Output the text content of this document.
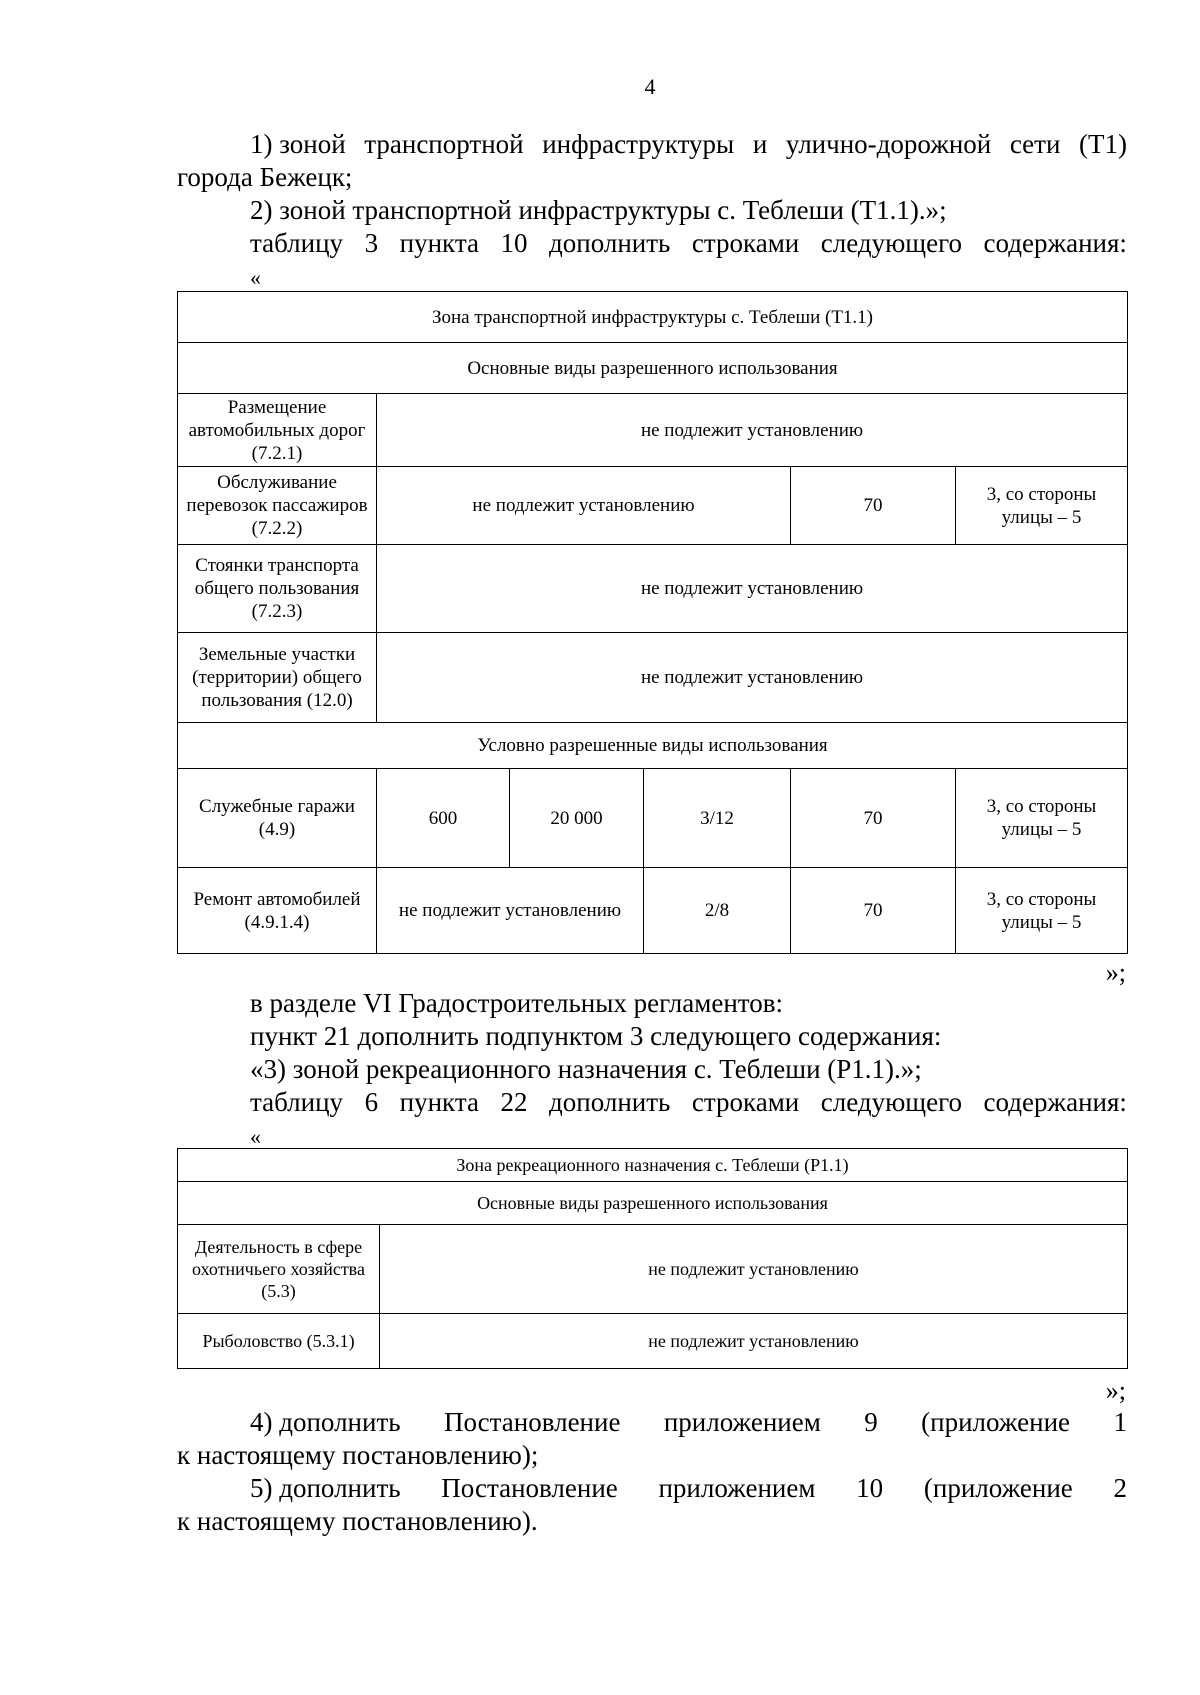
4
1) зоной транспортной инфраструктуры и улично-дорожной сети (Т1)
города Бежецк;
2) зоной транспортной инфраструктуры с. Теблеши (Т1.1).»;
таблицу 3 пункта 10 дополнить строками следующего содержания:
«
Зона транспортной инфраструктуры с. Теблеши (Т1.1)					
Основные виды разрешенного использования					
Размещение автомобильных дорог (7.2.1)	не подлежит установлению				
Обслуживание перевозок пассажиров (7.2.2)	не подлежит установлению			70	3, со стороны улицы – 5
Стоянки транспорта общего пользования (7.2.3)	не подлежит установлению				
Земельные участки (территории) общего пользования (12.0)	не подлежит установлению				
Условно разрешенные виды использования					
Служебные гаражи (4.9)	600	20 000	3/12	70	3, со стороны улицы – 5
Ремонт автомобилей (4.9.1.4)	не подлежит установлению		2/8	70	3, со стороны улицы – 5
»;
в разделе VI Градостроительных регламентов:
пункт 21 дополнить подпунктом 3 следующего содержания:
«3) зоной рекреационного назначения с. Теблеши (Р1.1).»;
таблицу 6 пункта 22 дополнить строками следующего содержания:
«
Зона рекреационного назначения с. Теблеши (Р1.1)	
Основные виды разрешенного использования	
Деятельность в сфере охотничьего хозяйства (5.3)	не подлежит установлению
Рыболовство (5.3.1)	не подлежит установлению
»;
4) дополнить Постановление приложением 9 (приложение 1
к настоящему постановлению);
5) дополнить Постановление приложением 10 (приложение 2
к настоящему постановлению).
